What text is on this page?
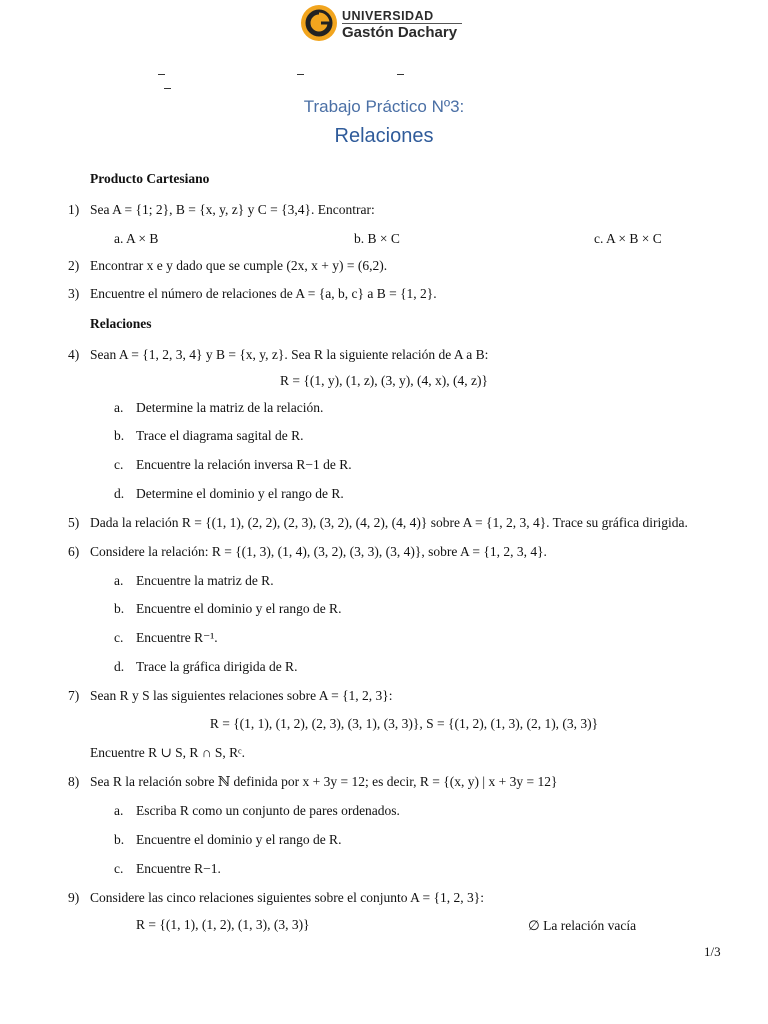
UNIVERSIDAD
Gastón Dachary
Trabajo Práctico Nº3:
Relaciones
Producto Cartesiano
1) Sea A = {1; 2}, B = {x, y, z} y C = {3,4}. Encontrar:
a. A × B	b. B × C	c. A × B × C
2) Encontrar x e y dado que se cumple (2x, x + y) = (6,2).
3) Encuentre el número de relaciones de A = {a, b, c} a B = {1, 2}.
Relaciones
4) Sean A = {1, 2, 3, 4} y B = {x, y, z}. Sea R la siguiente relación de A a B:
R = {(1, y), (1, z), (3, y), (4, x), (4, z)}
a. Determine la matriz de la relación.
b. Trace el diagrama sagital de R.
c. Encuentre la relación inversa R−1 de R.
d. Determine el dominio y el rango de R.
5) Dada la relación R = {(1, 1), (2, 2), (2, 3), (3, 2), (4, 2), (4, 4)} sobre A = {1, 2, 3, 4}. Trace su gráfica dirigida.
6) Considere la relación: R = {(1, 3), (1, 4), (3, 2), (3, 3), (3, 4)}, sobre A = {1, 2, 3, 4}.
a. Encuentre la matriz de R.
b. Encuentre el dominio y el rango de R.
c. Encuentre R⁻¹.
d. Trace la gráfica dirigida de R.
7) Sean R y S las siguientes relaciones sobre A = {1, 2, 3}:
R = {(1, 1), (1, 2), (2, 3), (3, 1), (3, 3)}, S = {(1, 2), (1, 3), (2, 1), (3, 3)}
Encuentre R ∪ S, R ∩ S, Rᶜ.
8) Sea R la relación sobre ℕ definida por x + 3y = 12; es decir, R = {(x, y) | x + 3y = 12}
a. Escriba R como un conjunto de pares ordenados.
b. Encuentre el dominio y el rango de R.
c. Encuentre R−1.
9) Considere las cinco relaciones siguientes sobre el conjunto A = {1, 2, 3}:
R = {(1, 1), (1, 2), (1, 3), (3, 3)}	∅ La relación vacía
1/3
